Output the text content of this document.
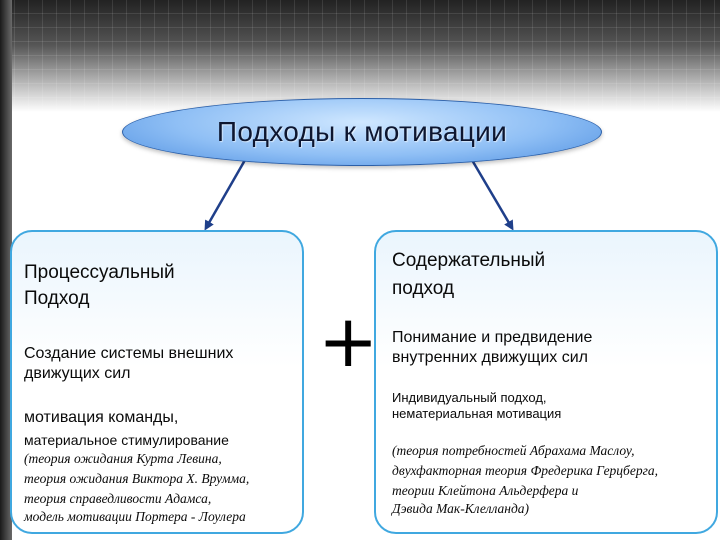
Подходы к мотивации
Процессуальный
Подход
Создание системы внешних
движущих сил
мотивация команды,
материальное стимулирование
(теория ожидания Курта Левина,
теория ожидания Виктора Х. Врумма,
теория справедливости Адамса,
модель мотивации Портера - Лоулера
+
Содержательный
подход
Понимание и предвидение
внутренних движущих сил
Индивидуальный подход,
нематериальная мотивация
(теория потребностей Абрахама Маслоу,
двухфакторная теория Фредерика Герцберга,
теории Клейтона Альдерфера и
Дэвида Мак-Клелланда)
